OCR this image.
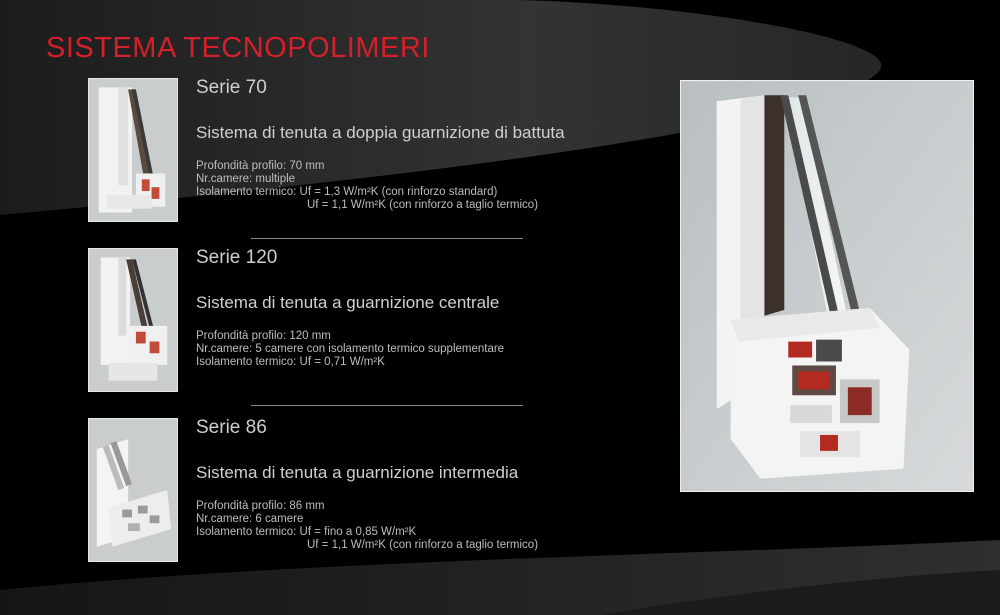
SISTEMA TECNOPOLIMERI
Serie 70
Sistema di tenuta a doppia guarnizione di battuta
Profondità profilo: 70 mm
Nr.camere: multiple
Isolamento termico: Uf = 1,3 W/m²K (con rinforzo standard)
Uf = 1,1 W/m²K (con rinforzo a taglio termico)
Serie 120
Sistema di tenuta a guarnizione centrale
Profondità profilo: 120 mm
Nr.camere: 5 camere con isolamento termico supplementare
Isolamento termico: Uf = 0,71 W/m²K
Serie 86
Sistema di tenuta a guarnizione intermedia
Profondità profilo: 86 mm
Nr.camere: 6 camere
Isolamento termico: Uf = fino a 0,85 W/m²K
Uf = 1,1 W/m²K (con rinforzo a taglio termico)
